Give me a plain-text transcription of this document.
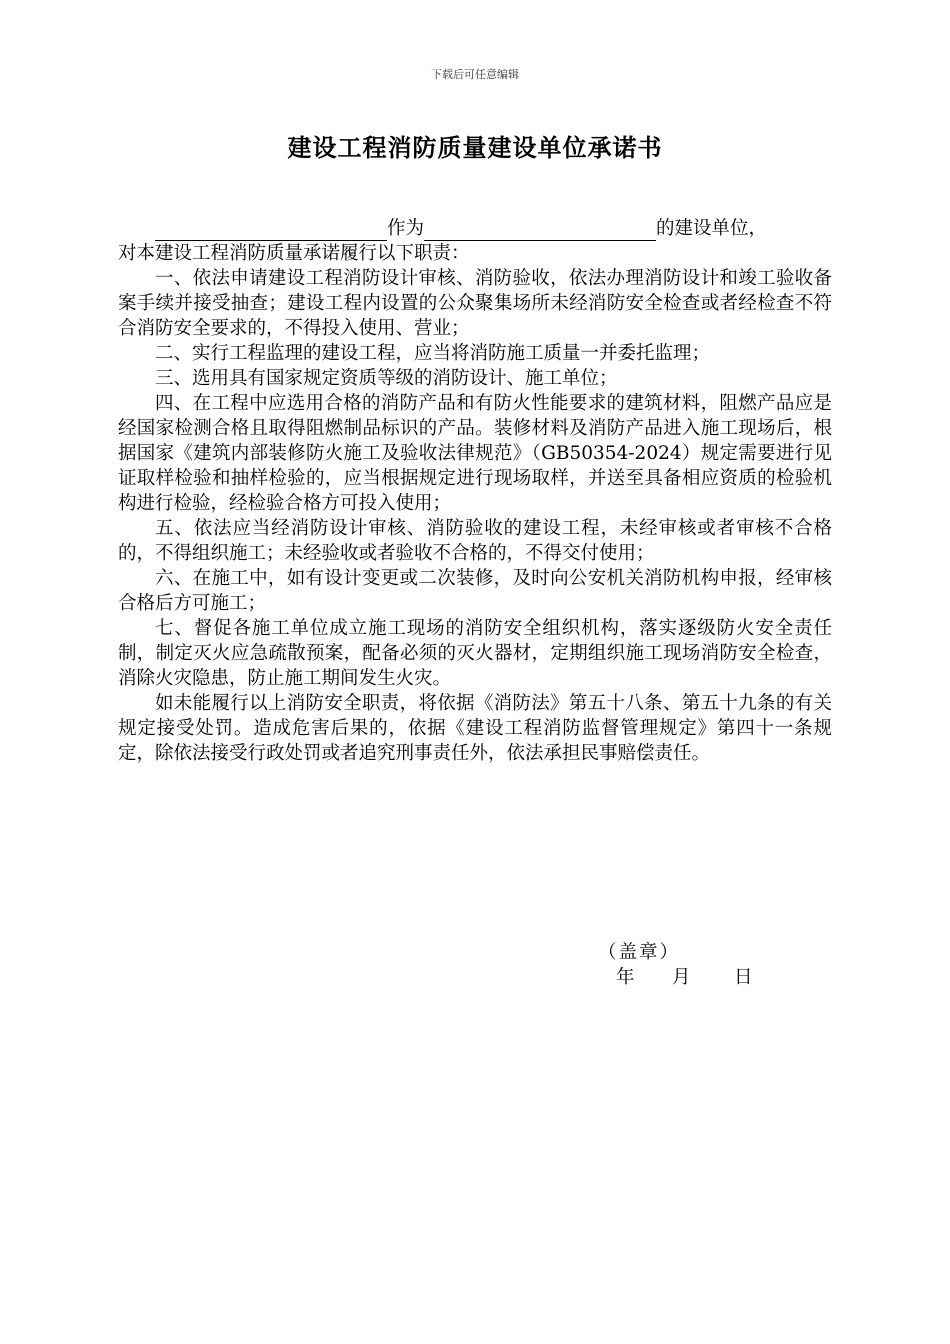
下载后可任意编辑
建设工程消防质量建设单位承诺书

作为	的建设单位，

对本建设工程消防质量承诺履行以下职责：

一、依法申请建设工程消防设计审核、消防验收，依法办理消防设计和竣工验收备案手续并接受抽查；建设工程内设置的公众聚集场所未经消防安全检查或者经检查不符合消防安全要求的，不得投入使用、营业；

二、实行工程监理的建设工程，应当将消防施工质量一并委托监理；

三、选用具有国家规定资质等级的消防设计、施工单位；

四、在工程中应选用合格的消防产品和有防火性能要求的建筑材料，阻燃产品应是经国家检测合格且取得阻燃制品标识的产品。装修材料及消防产品进入施工现场后，根据国家《建筑内部装修防火施工及验收法律规范》（GB50354-2024）规定需要进行见证取样检验和抽样检验的，应当根据规定进行现场取样，并送至具备相应资质的检验机构进行检验，经检验合格方可投入使用；

五、依法应当经消防设计审核、消防验收的建设工程，未经审核或者审核不合格的，不得组织施工；未经验收或者验收不合格的，不得交付使用；

六、在施工中，如有设计变更或二次装修，及时向公安机关消防机构申报，经审核合格后方可施工；

七、督促各施工单位成立施工现场的消防安全组织机构，落实逐级防火安全责任制，制定灭火应急疏散预案，配备必须的灭火器材，定期组织施工现场消防安全检查，消除火灾隐患，防止施工期间发生火灾。

如未能履行以上消防安全职责，将依据《消防法》第五十八条、第五十九条的有关规定接受处罚。造成危害后果的，依据《建设工程消防监督管理规定》第四十一条规定，除依法接受行政处罚或者追究刑事责任外，依法承担民事赔偿责任。

（盖章）
年 月 日
